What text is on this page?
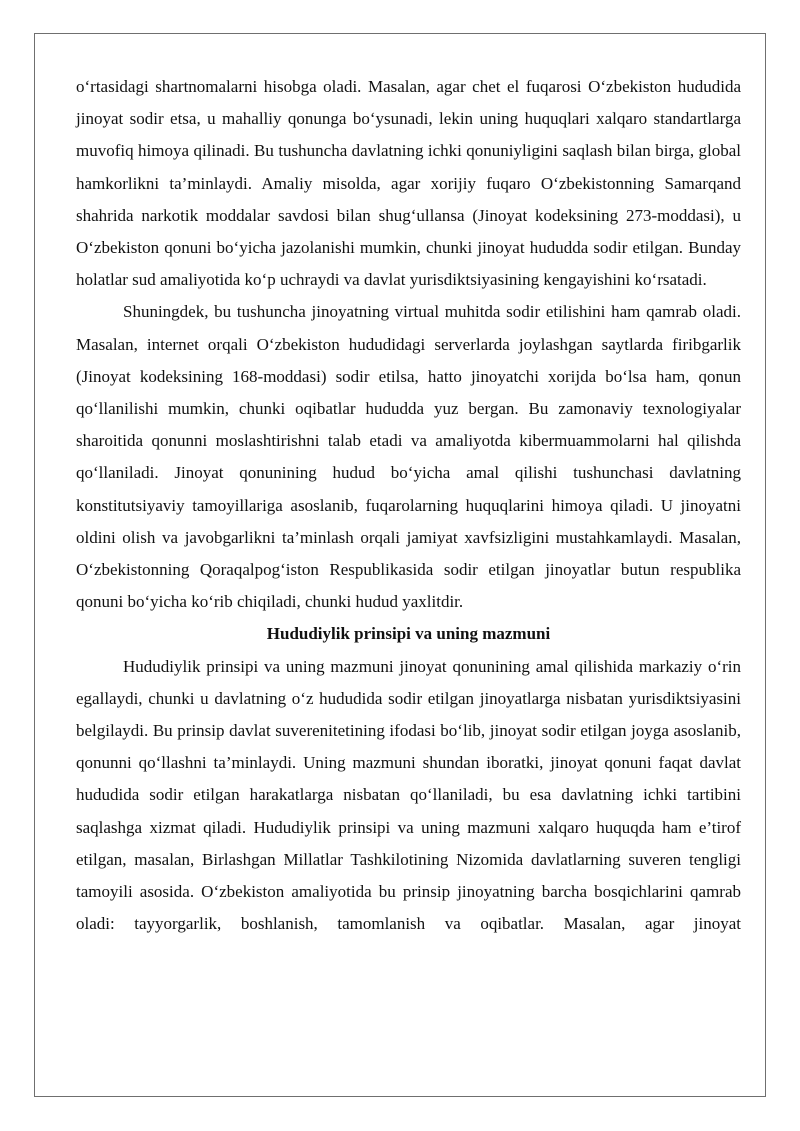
o‘rtasidagi shartnomalarni hisobga oladi. Masalan, agar chet el fuqarosi O‘zbekiston hududida jinoyat sodir etsa, u mahalliy qonunga bo‘ysunadi, lekin uning huquqlari xalqaro standartlarga muvofiq himoya qilinadi. Bu tushuncha davlatning ichki qonuniyligini saqlash bilan birga, global hamkorlikni ta’minlaydi. Amaliy misolda, agar xorijiy fuqaro O‘zbekistonning Samarqand shahrida narkotik moddalar savdosi bilan shug‘ullansa (Jinoyat kodeksining 273-moddasi), u O‘zbekiston qonuni bo‘yicha jazolanishi mumkin, chunki jinoyat hududda sodir etilgan. Bunday holatlar sud amaliyotida ko‘p uchraydi va davlat yurisdiktsiyasining kengayishini ko‘rsatadi.

Shuningdek, bu tushuncha jinoyatning virtual muhitda sodir etilishini ham qamrab oladi. Masalan, internet orqali O‘zbekiston hududidagi serverlarda joylashgan saytlarda firibgarlik (Jinoyat kodeksining 168-moddasi) sodir etilsa, hatto jinoyatchi xorijda bo‘lsa ham, qonun qo‘llanilishi mumkin, chunki oqibatlar hududda yuz bergan. Bu zamonaviy texnologiyalar sharoitida qonunni moslashtirishni talab etadi va amaliyotda kibermuammolarni hal qilishda qo‘llaniladi. Jinoyat qonunining hudud bo‘yicha amal qilishi tushunchasi davlatning konstitutsiyaviy tamoyillariga asoslanib, fuqarolarning huquqlarini himoya qiladi. U jinoyatni oldini olish va javobgarlikni ta’minlash orqali jamiyat xavfsizligini mustahkamlaydi. Masalan, O‘zbekistonning Qoraqalpog‘iston Respublikasida sodir etilgan jinoyatlar butun respublika qonuni bo‘yicha ko‘rib chiqiladi, chunki hudud yaxlitdir.

Hududiylik prinsipi va uning mazmuni

Hududiylik prinsipi va uning mazmuni jinoyat qonunining amal qilishida markaziy o‘rin egallaydi, chunki u davlatning o‘z hududida sodir etilgan jinoyatlarga nisbatan yurisdiktsiyasini belgilaydi. Bu prinsip davlat suverenitetining ifodasi bo‘lib, jinoyat sodir etilgan joyga asoslanib, qonunni qo‘llashni ta’minlaydi. Uning mazmuni shundan iboratki, jinoyat qonuni faqat davlat hududida sodir etilgan harakatlarga nisbatan qo‘llaniladi, bu esa davlatning ichki tartibini saqlashga xizmat qiladi. Hududiylik prinsipi va uning mazmuni xalqaro huquqda ham e’tirof etilgan, masalan, Birlashgan Millatlar Tashkilotining Nizomida davlatlarning suveren tengligi tamoyili asosida. O‘zbekiston amaliyotida bu prinsip jinoyatning barcha bosqichlarini qamrab oladi: tayyorgarlik, boshlanish, tamomlanish va oqibatlar. Masalan, agar jinoyat
